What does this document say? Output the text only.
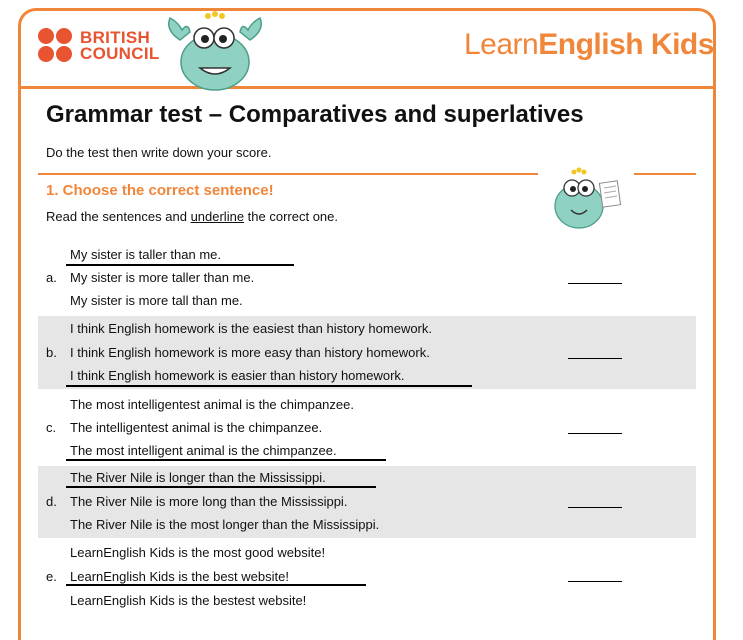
BRITISH
COUNCIL	LearnEnglish Kids
Grammar test – Comparatives and superlatives
Do the test then write down your score.
1. Choose the correct sentence!
Read the sentences and underline the correct one.
My sister is taller than me.
a. My sister is more taller than me.
My sister is more tall than me.
I think English homework is the easiest than history homework.
b. I think English homework is more easy than history homework.
I think English homework is easier than history homework.
The most intelligentest animal is the chimpanzee.
c. The intelligentest animal is the chimpanzee.
The most intelligent animal is the chimpanzee.
The River Nile is longer than the Mississippi.
d. The River Nile is more long than the Mississippi.
The River Nile is the most longer than the Mississippi.
LearnEnglish Kids is the most good website!
e. LearnEnglish Kids is the best website!
LearnEnglish Kids is the bestest website!
